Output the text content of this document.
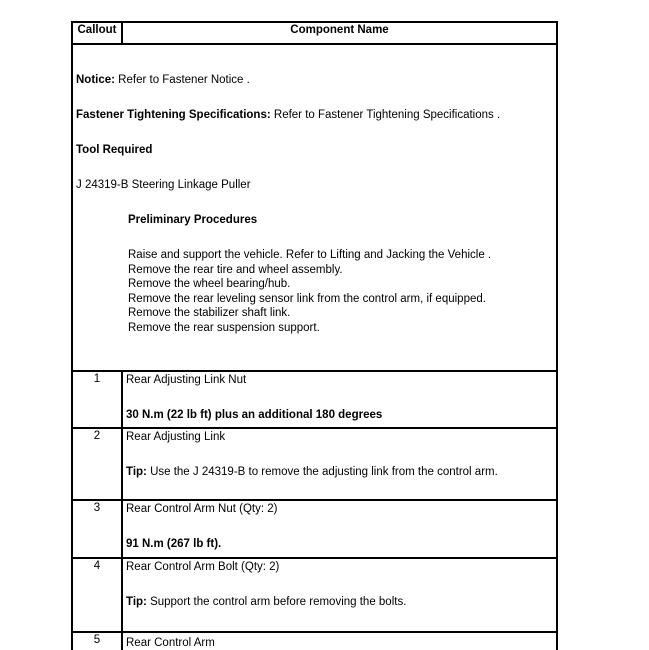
Callout	Component Name

Notice: Refer to Fastener Notice .

Fastener Tightening Specifications: Refer to Fastener Tightening Specifications .

Tool Required

J 24319-B Steering Linkage Puller

Preliminary Procedures

Raise and support the vehicle. Refer to Lifting and Jacking the Vehicle .

Remove the rear tire and wheel assembly.

Remove the wheel bearing/hub.

Remove the rear leveling sensor link from the control arm, if equipped.

Remove the stabilizer shaft link.

Remove the rear suspension support.

1	Rear Adjusting Link Nut

30 N.m (22 lb ft) plus an additional 180 degrees

2	Rear Adjusting Link

Tip: Use the J 24319-B to remove the adjusting link from the control arm.

3	Rear Control Arm Nut (Qty: 2)

91 N.m (267 lb ft).

4	Rear Control Arm Bolt (Qty: 2)

Tip: Support the control arm before removing the bolts.

5	Rear Control Arm
